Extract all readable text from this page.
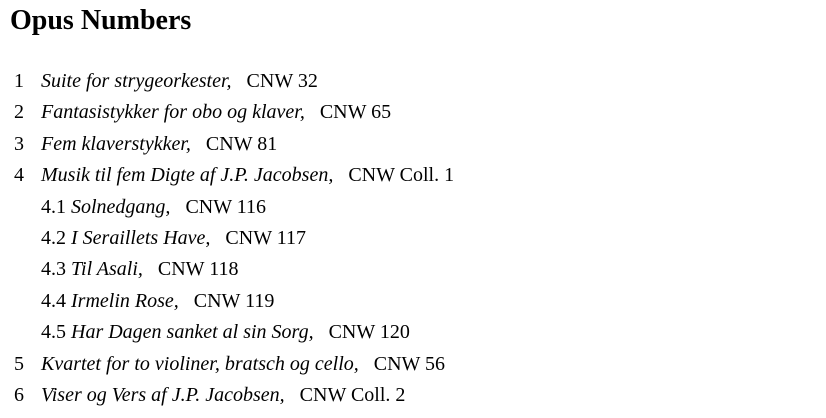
Opus Numbers
1 Suite for strygeorkester, CNW 32
2 Fantasistykker for obo og klaver, CNW 65
3 Fem klaverstykker, CNW 81
4 Musik til fem Digte af J.P. Jacobsen, CNW Coll. 1
4.1 Solnedgang, CNW 116
4.2 I Seraillets Have, CNW 117
4.3 Til Asali, CNW 118
4.4 Irmelin Rose, CNW 119
4.5 Har Dagen sanket al sin Sorg, CNW 120
5 Kvartet for to violiner, bratsch og cello, CNW 56
6 Viser og Vers af J.P. Jacobsen, CNW Coll. 2
